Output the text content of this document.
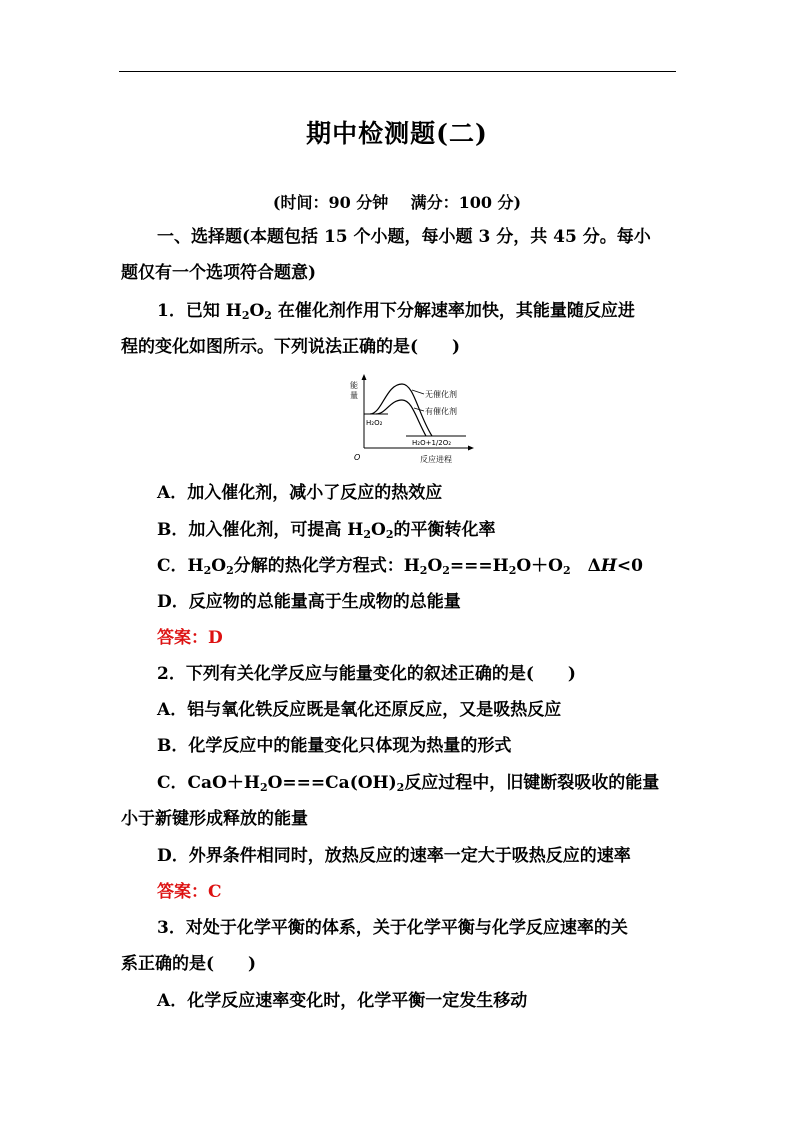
期中检测题(二)
(时间：90 分钟    满分：100 分)
一、选择题(本题包括 15 个小题，每小题 3 分，共 45 分。每小
题仅有一个选项符合题意)
1．已知 $H_2O_2$ 在催化剂作用下分解速率加快，其能量随反应进
程的变化如图所示。下列说法正确的是(　　)
能
量
O	反应进程
无催化剂
有催化剂
H₂O₂
H₂O+1/2O₂
A．加入催化剂，减小了反应的热效应
B．加入催化剂，可提高 $H_2O_2$的平衡转化率
C．$H_2O_2$分解的热化学方程式：$H_2O_2===H_2O+O_2$　ΔH<0
D．反应物的总能量高于生成物的总能量
答案：D
2．下列有关化学反应与能量变化的叙述正确的是(　　)
A．铝与氧化铁反应既是氧化还原反应，又是吸热反应
B．化学反应中的能量变化只体现为热量的形式
C．$CaO+H_2O===Ca(OH)_2$反应过程中，旧键断裂吸收的能量
小于新键形成释放的能量
D．外界条件相同时，放热反应的速率一定大于吸热反应的速率
答案：C
3．对处于化学平衡的体系，关于化学平衡与化学反应速率的关
系正确的是(　　)
A．化学反应速率变化时，化学平衡一定发生移动
